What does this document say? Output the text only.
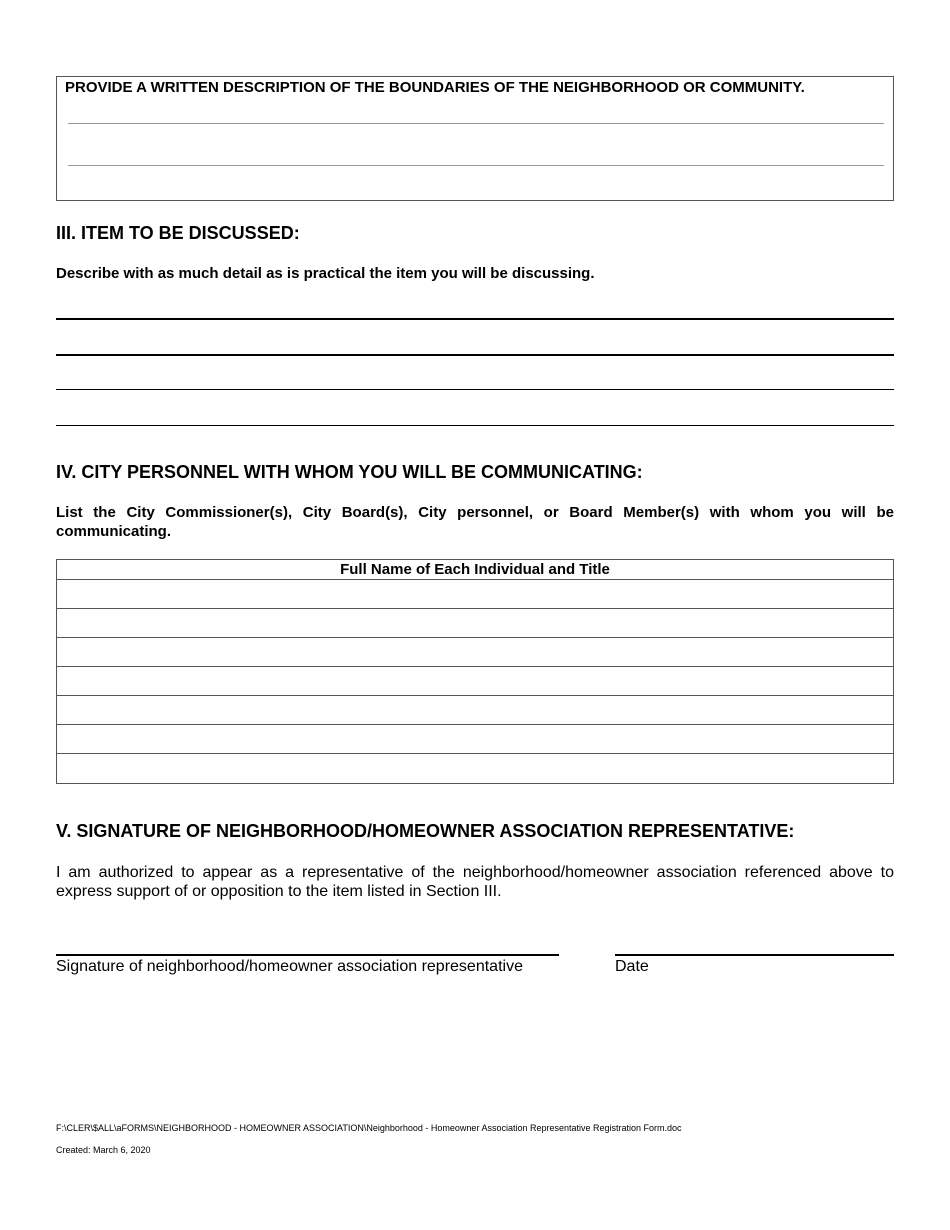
PROVIDE A WRITTEN DESCRIPTION OF THE BOUNDARIES OF THE NEIGHBORHOOD OR COMMUNITY.
III. ITEM TO BE DISCUSSED:
Describe with as much detail as is practical the item you will be discussing.
IV. CITY PERSONNEL WITH WHOM YOU WILL BE COMMUNICATING:
List the City Commissioner(s), City Board(s), City personnel, or Board Member(s) with whom you will be communicating.
Full Name of Each Individual and Title
V. SIGNATURE OF NEIGHBORHOOD/HOMEOWNER ASSOCIATION REPRESENTATIVE:
I am authorized to appear as a representative of the neighborhood/homeowner association referenced above to express support of or opposition to the item listed in Section III.
Signature of neighborhood/homeowner association representative	Date
F:\CLER\$ALL\aFORMS\NEIGHBORHOOD - HOMEOWNER ASSOCIATION\Neighborhood - Homeowner Association Representative Registration Form.doc
Created: March 6, 2020
